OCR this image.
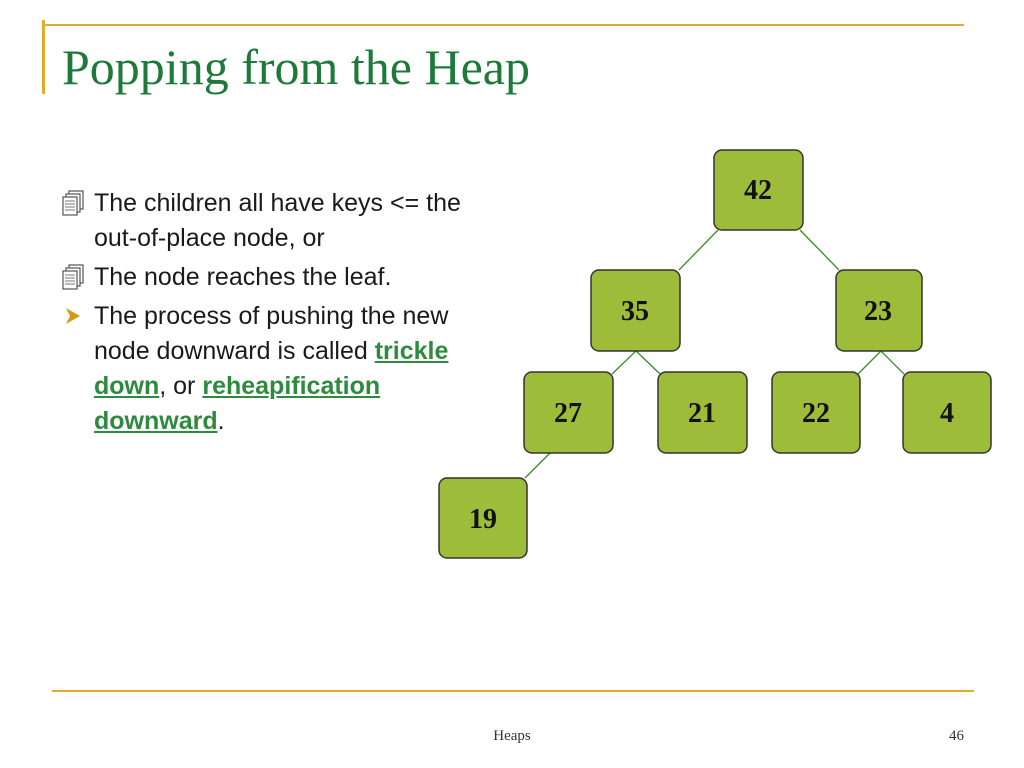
Popping from the Heap
The children all have keys <= the out-of-place node, or
The node reaches the leaf.
The process of pushing the new node downward is called trickle down, or reheapification downward.
42
35	23
27	21	22	4
19
Heaps	46
